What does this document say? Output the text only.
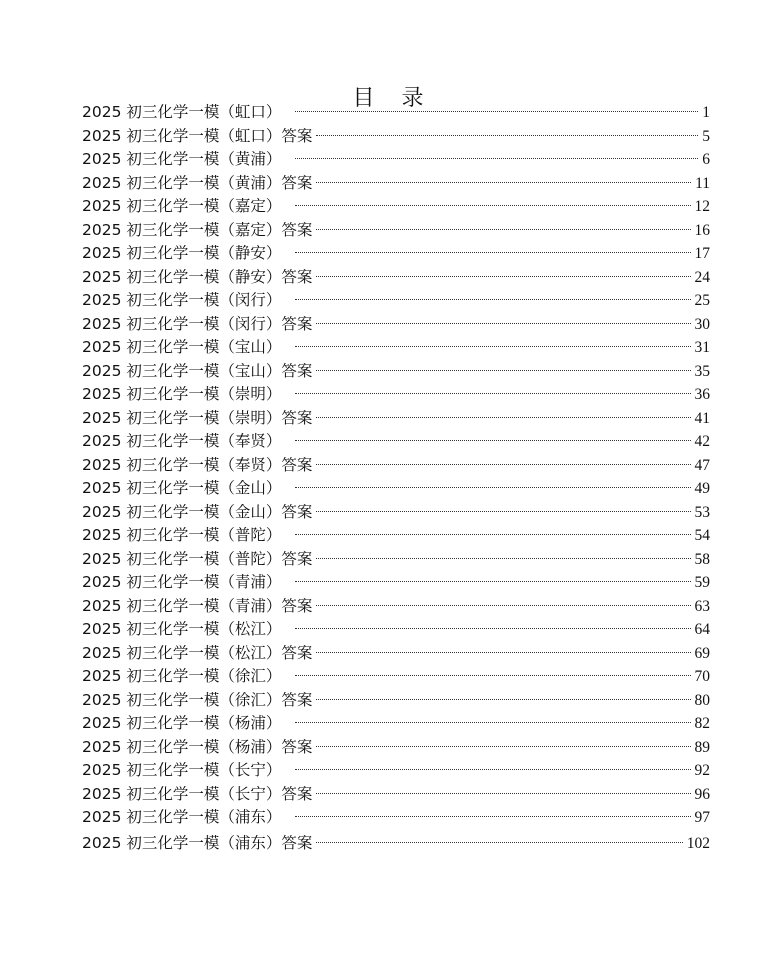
目 录
2025 初三化学一模（虹口）	1
2025 初三化学一模（虹口）答案	5
2025 初三化学一模（黄浦）	6
2025 初三化学一模（黄浦）答案	11
2025 初三化学一模（嘉定）	12
2025 初三化学一模（嘉定）答案	16
2025 初三化学一模（静安）	17
2025 初三化学一模（静安）答案	24
2025 初三化学一模（闵行）	25
2025 初三化学一模（闵行）答案	30
2025 初三化学一模（宝山）	31
2025 初三化学一模（宝山）答案	35
2025 初三化学一模（崇明）	36
2025 初三化学一模（崇明）答案	41
2025 初三化学一模（奉贤）	42
2025 初三化学一模（奉贤）答案	47
2025 初三化学一模（金山）	49
2025 初三化学一模（金山）答案	53
2025 初三化学一模（普陀）	54
2025 初三化学一模（普陀）答案	58
2025 初三化学一模（青浦）	59
2025 初三化学一模（青浦）答案	63
2025 初三化学一模（松江）	64
2025 初三化学一模（松江）答案	69
2025 初三化学一模（徐汇）	70
2025 初三化学一模（徐汇）答案	80
2025 初三化学一模（杨浦）	82
2025 初三化学一模（杨浦）答案	89
2025 初三化学一模（长宁）	92
2025 初三化学一模（长宁）答案	96
2025 初三化学一模（浦东）	97
2025 初三化学一模（浦东）答案	102
